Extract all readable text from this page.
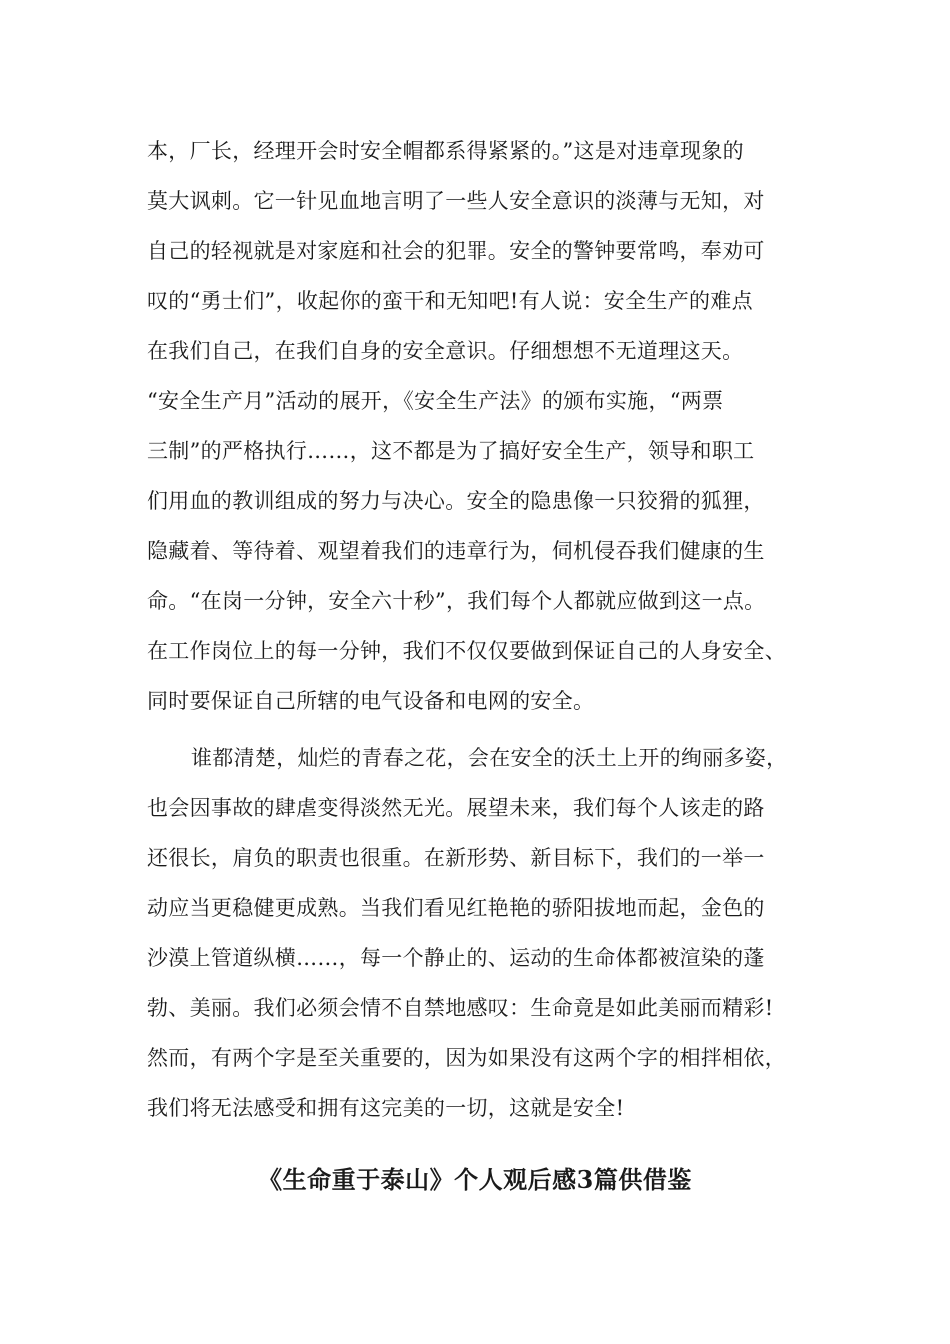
本，厂长，经理开会时安全帽都系得紧紧的。”这是对违章现象的
莫大讽刺。它一针见血地言明了一些人安全意识的淡薄与无知，对
自己的轻视就是对家庭和社会的犯罪。安全的警钟要常鸣，奉劝可
叹的“勇士们”，收起你的蛮干和无知吧!有人说：安全生产的难点
在我们自己，在我们自身的安全意识。仔细想想不无道理这天。
“安全生产月”活动的展开，《安全生产法》的颁布实施，“两票
三制”的严格执行……，这不都是为了搞好安全生产，领导和职工
们用血的教训组成的努力与决心。安全的隐患像一只狡猾的狐狸，
隐藏着、等待着、观望着我们的违章行为，伺机侵吞我们健康的生
命。“在岗一分钟，安全六十秒”，我们每个人都就应做到这一点。
在工作岗位上的每一分钟，我们不仅仅要做到保证自己的人身安全、
同时要保证自己所辖的电气设备和电网的安全。
谁都清楚，灿烂的青春之花，会在安全的沃土上开的绚丽多姿，
也会因事故的肆虐变得淡然无光。展望未来，我们每个人该走的路
还很长，肩负的职责也很重。在新形势、新目标下，我们的一举一
动应当更稳健更成熟。当我们看见红艳艳的骄阳拔地而起，金色的
沙漠上管道纵横……，每一个静止的、运动的生命体都被渲染的蓬
勃、美丽。我们必须会情不自禁地感叹：生命竟是如此美丽而精彩!
然而，有两个字是至关重要的，因为如果没有这两个字的相拌相依，
我们将无法感受和拥有这完美的一切，这就是安全!
《生命重于泰山》个人观后感3篇供借鉴
